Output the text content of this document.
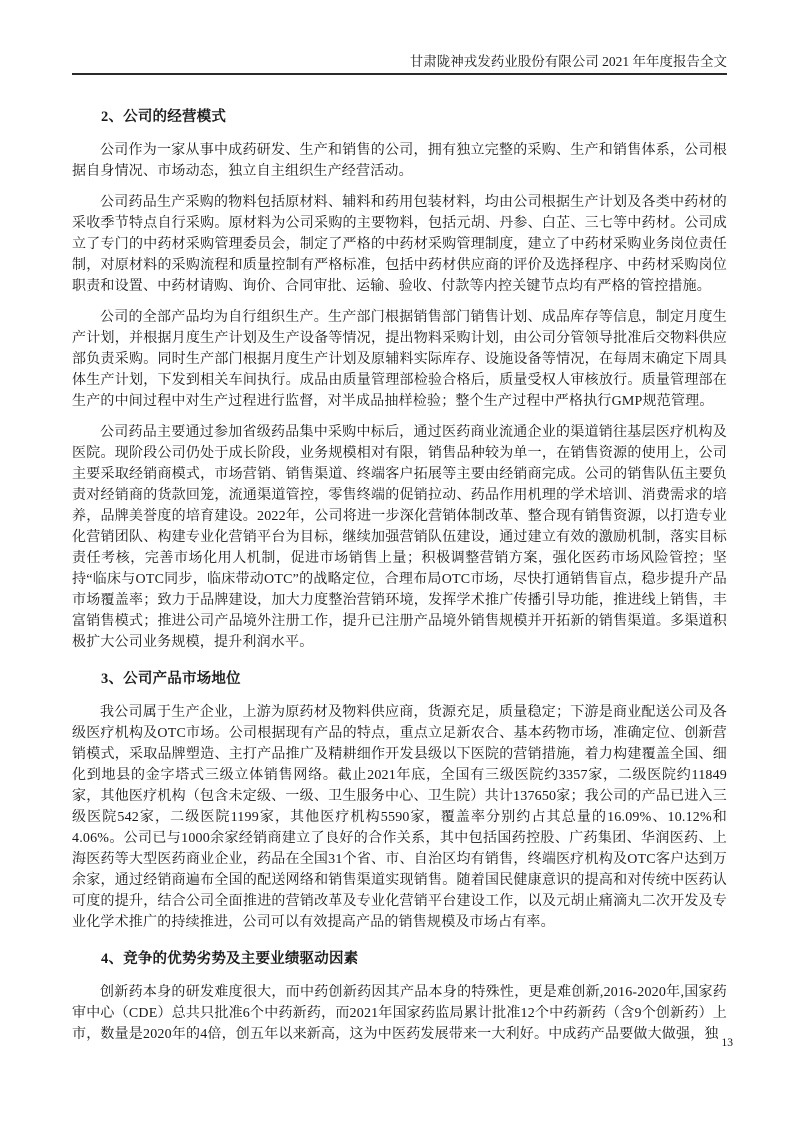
甘肃陇神戎发药业股份有限公司 2021 年年度报告全文
2、公司的经营模式

公司作为一家从事中成药研发、生产和销售的公司，拥有独立完整的采购、生产和销售体系，公司根据自身情况、市场动态，独立自主组织生产经营活动。

公司药品生产采购的物料包括原材料、辅料和药用包装材料，均由公司根据生产计划及各类中药材的采收季节特点自行采购。原材料为公司采购的主要物料，包括元胡、丹参、白芷、三七等中药材。公司成立了专门的中药材采购管理委员会，制定了严格的中药材采购管理制度，建立了中药材采购业务岗位责任制，对原材料的采购流程和质量控制有严格标准，包括中药材供应商的评价及选择程序、中药材采购岗位职责和设置、中药材请购、询价、合同审批、运输、验收、付款等内控关键节点均有严格的管控措施。

公司的全部产品均为自行组织生产。生产部门根据销售部门销售计划、成品库存等信息，制定月度生产计划，并根据月度生产计划及生产设备等情况，提出物料采购计划，由公司分管领导批准后交物料供应部负责采购。同时生产部门根据月度生产计划及原辅料实际库存、设施设备等情况，在每周末确定下周具体生产计划，下发到相关车间执行。成品由质量管理部检验合格后，质量受权人审核放行。质量管理部在生产的中间过程中对生产过程进行监督，对半成品抽样检验；整个生产过程中严格执行GMP规范管理。

公司药品主要通过参加省级药品集中采购中标后，通过医药商业流通企业的渠道销往基层医疗机构及医院。现阶段公司仍处于成长阶段，业务规模相对有限，销售品种较为单一，在销售资源的使用上，公司主要采取经销商模式，市场营销、销售渠道、终端客户拓展等主要由经销商完成。公司的销售队伍主要负责对经销商的货款回笼，流通渠道管控，零售终端的促销拉动、药品作用机理的学术培训、消费需求的培养，品牌美誉度的培育建设。2022年，公司将进一步深化营销体制改革、整合现有销售资源，以打造专业化营销团队、构建专业化营销平台为目标，继续加强营销队伍建设，通过建立有效的激励机制，落实目标责任考核，完善市场化用人机制，促进市场销售上量；积极调整营销方案，强化医药市场风险管控；坚持“临床与OTC同步，临床带动OTC”的战略定位，合理布局OTC市场，尽快打通销售盲点，稳步提升产品市场覆盖率；致力于品牌建设，加大力度整治营销环境，发挥学术推广传播引导功能，推进线上销售，丰富销售模式；推进公司产品境外注册工作，提升已注册产品境外销售规模并开拓新的销售渠道。多渠道积极扩大公司业务规模，提升利润水平。

3、公司产品市场地位

我公司属于生产企业，上游为原药材及物料供应商，货源充足，质量稳定；下游是商业配送公司及各级医疗机构及OTC市场。公司根据现有产品的特点，重点立足新农合、基本药物市场，准确定位、创新营销模式，采取品牌塑造、主打产品推广及精耕细作开发县级以下医院的营销措施，着力构建覆盖全国、细化到地县的金字塔式三级立体销售网络。截止2021年底，全国有三级医院约3357家，二级医院约11849家，其他医疗机构（包含未定级、一级、卫生服务中心、卫生院）共计137650家；我公司的产品已进入三级医院542家，二级医院1199家，其他医疗机构5590家，覆盖率分别约占其总量的16.09%、10.12%和4.06%。公司已与1000余家经销商建立了良好的合作关系，其中包括国药控股、广药集团、华润医药、上海医药等大型医药商业企业，药品在全国31个省、市、自治区均有销售，终端医疗机构及OTC客户达到万余家，通过经销商遍布全国的配送网络和销售渠道实现销售。随着国民健康意识的提高和对传统中医药认可度的提升，结合公司全面推进的营销改革及专业化营销平台建设工作，以及元胡止痛滴丸二次开发及专业化学术推广的持续推进，公司可以有效提高产品的销售规模及市场占有率。

4、竞争的优势劣势及主要业绩驱动因素

创新药本身的研发难度很大，而中药创新药因其产品本身的特殊性，更是难创新,2016-2020年,国家药审中心（CDE）总共只批准6个中药新药，而2021年国家药监局累计批准12个中药新药（含9个创新药）上市，数量是2020年的4倍，创五年以来新高，这为中医药发展带来一大利好。中成药产品要做大做强，独

13
